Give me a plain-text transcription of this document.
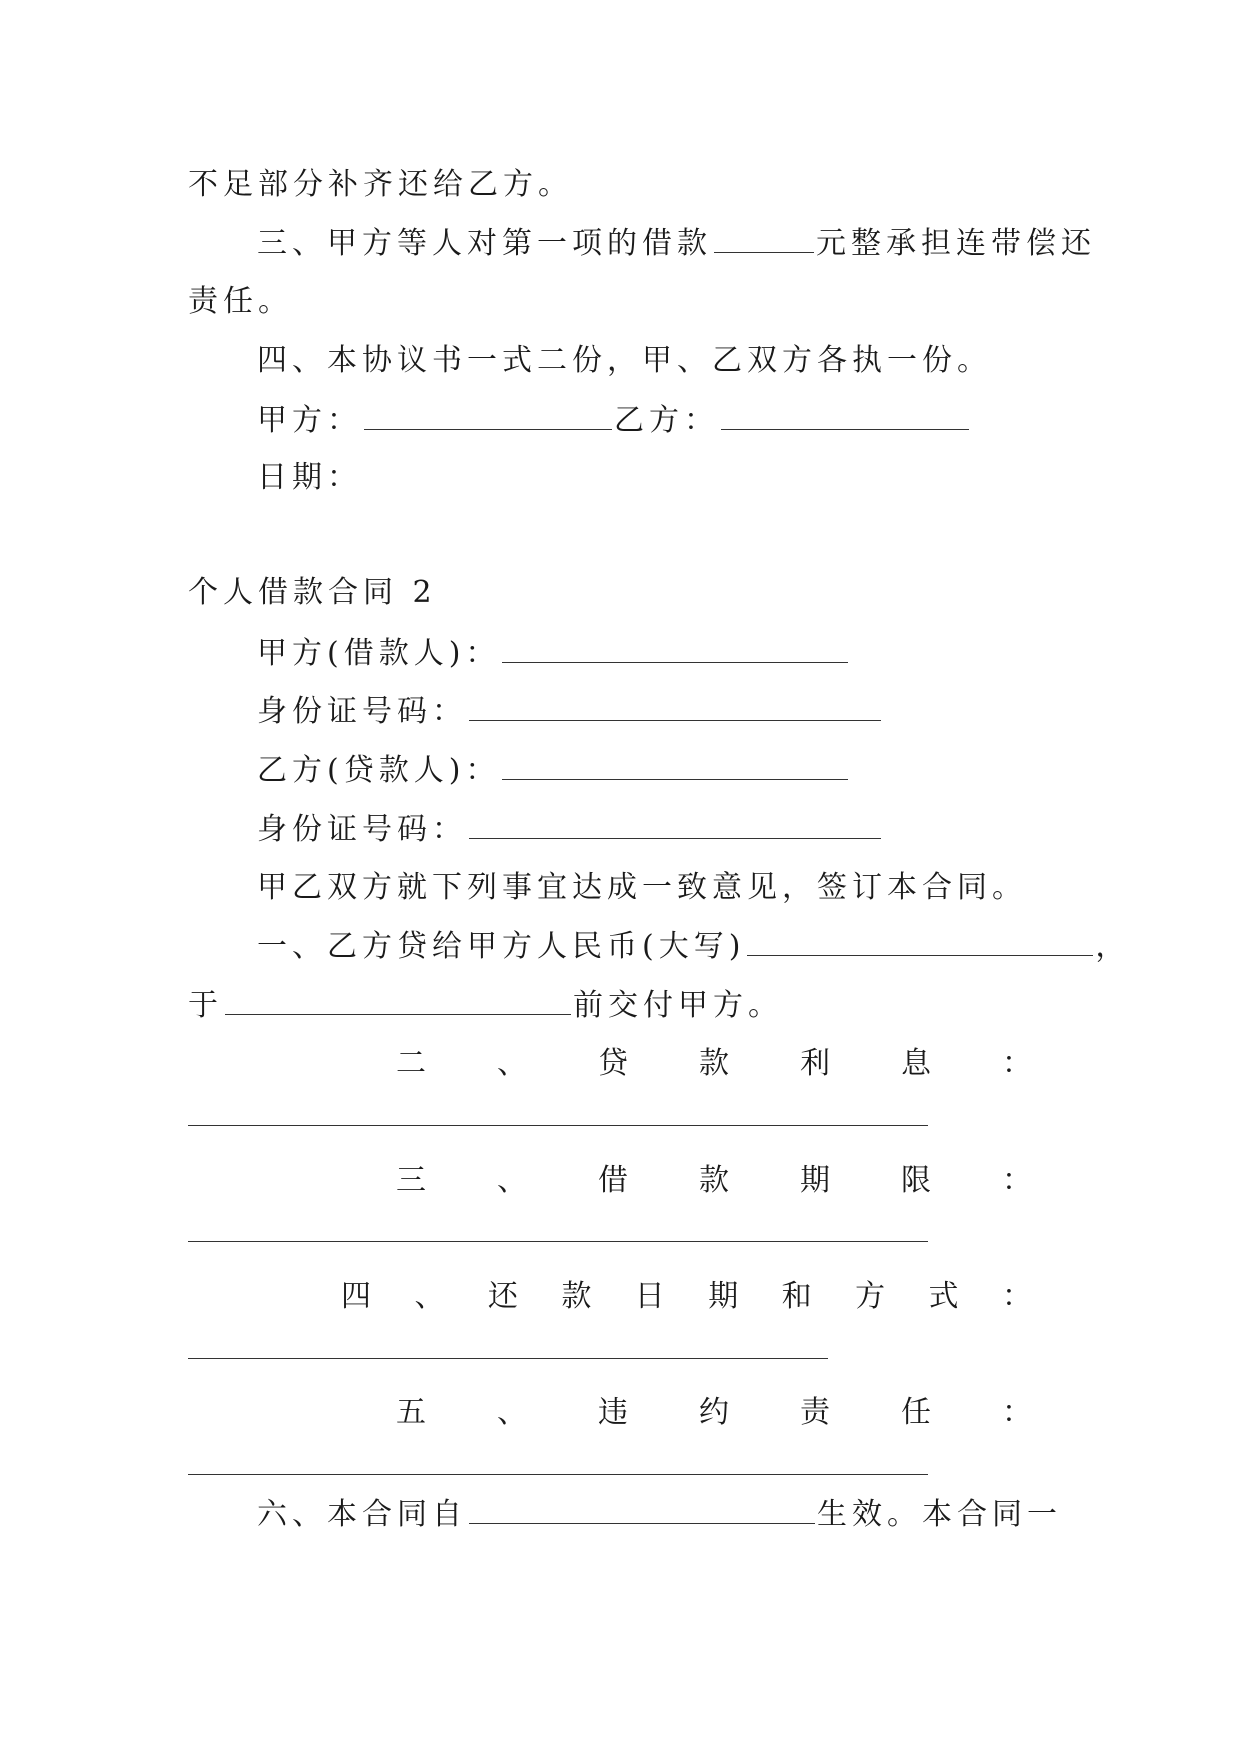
不足部分补齐还给乙方。
三、甲方等人对第一项的借款	元整承担连带偿还
责任。
四、本协议书一式二份，甲、乙双方各执一份。
甲方：	乙方：
日期：
个人借款合同 2
甲方(借款人)：
身份证号码：
乙方(贷款人)：
身份证号码：
甲乙双方就下列事宜达成一致意见，签订本合同。
一、乙方贷给甲方人民币(大写)	，
于	前交付甲方。
二 、 贷 款 利 息 ：
三 、 借 款 期 限 ：
四 、 还 款 日 期 和 方 式 ：
五 、 违 约 责 任 ：
六、本合同自	生效。本合同一
